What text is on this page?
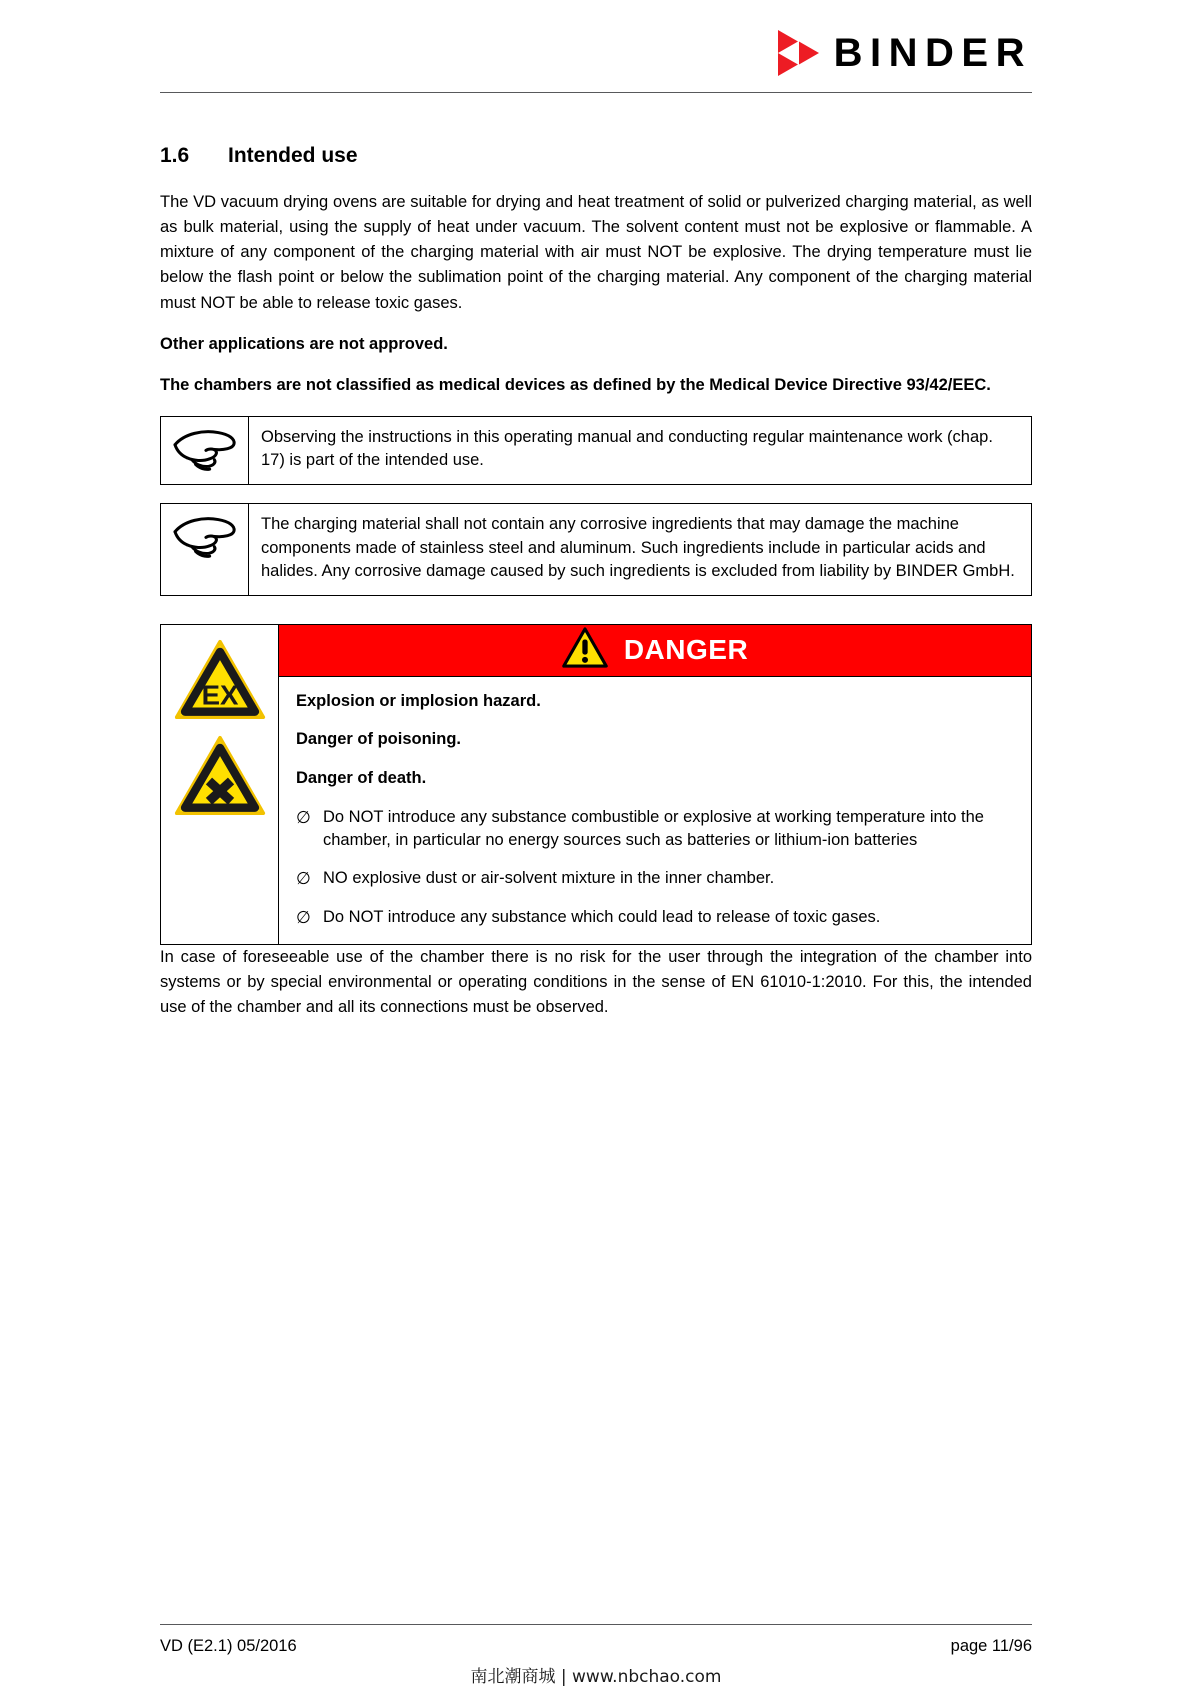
BINDER
1.6	Intended use

The VD vacuum drying ovens are suitable for drying and heat treatment of solid or pulverized charging material, as well as bulk material, using the supply of heat under vacuum. The solvent content must not be explosive or flammable. A mixture of any component of the charging material with air must NOT be explosive. The drying temperature must lie below the flash point or below the sublimation point of the charging material. Any component of the charging material must NOT be able to release toxic gases.

Other applications are not approved.

The chambers are not classified as medical devices as defined by the Medical Device Directive 93/42/EEC.

Observing the instructions in this operating manual and conducting regular maintenance work (chap. 17) is part of the intended use.
The charging material shall not contain any corrosive ingredients that may damage the machine components made of stainless steel and aluminum. Such ingredients include in particular acids and halides. Any corrosive damage caused by such ingredients is excluded from liability by BINDER GmbH.
EX
DANGER

Explosion or implosion hazard.

Danger of poisoning.

Danger of death.

∅ Do NOT introduce any substance combustible or explosive at working temperature into the chamber, in particular no energy sources such as batteries or lithium-ion batteries
∅ NO explosive dust or air-solvent mixture in the inner chamber.
∅ Do NOT introduce any substance which could lead to release of toxic gases.

In case of foreseeable use of the chamber there is no risk for the user through the integration of the chamber into systems or by special environmental or operating conditions in the sense of EN 61010-1:2010. For this, the intended use of the chamber and all its connections must be observed.

VD (E2.1) 05/2016	page 11/96
南北潮商城 | www.nbchao.com
